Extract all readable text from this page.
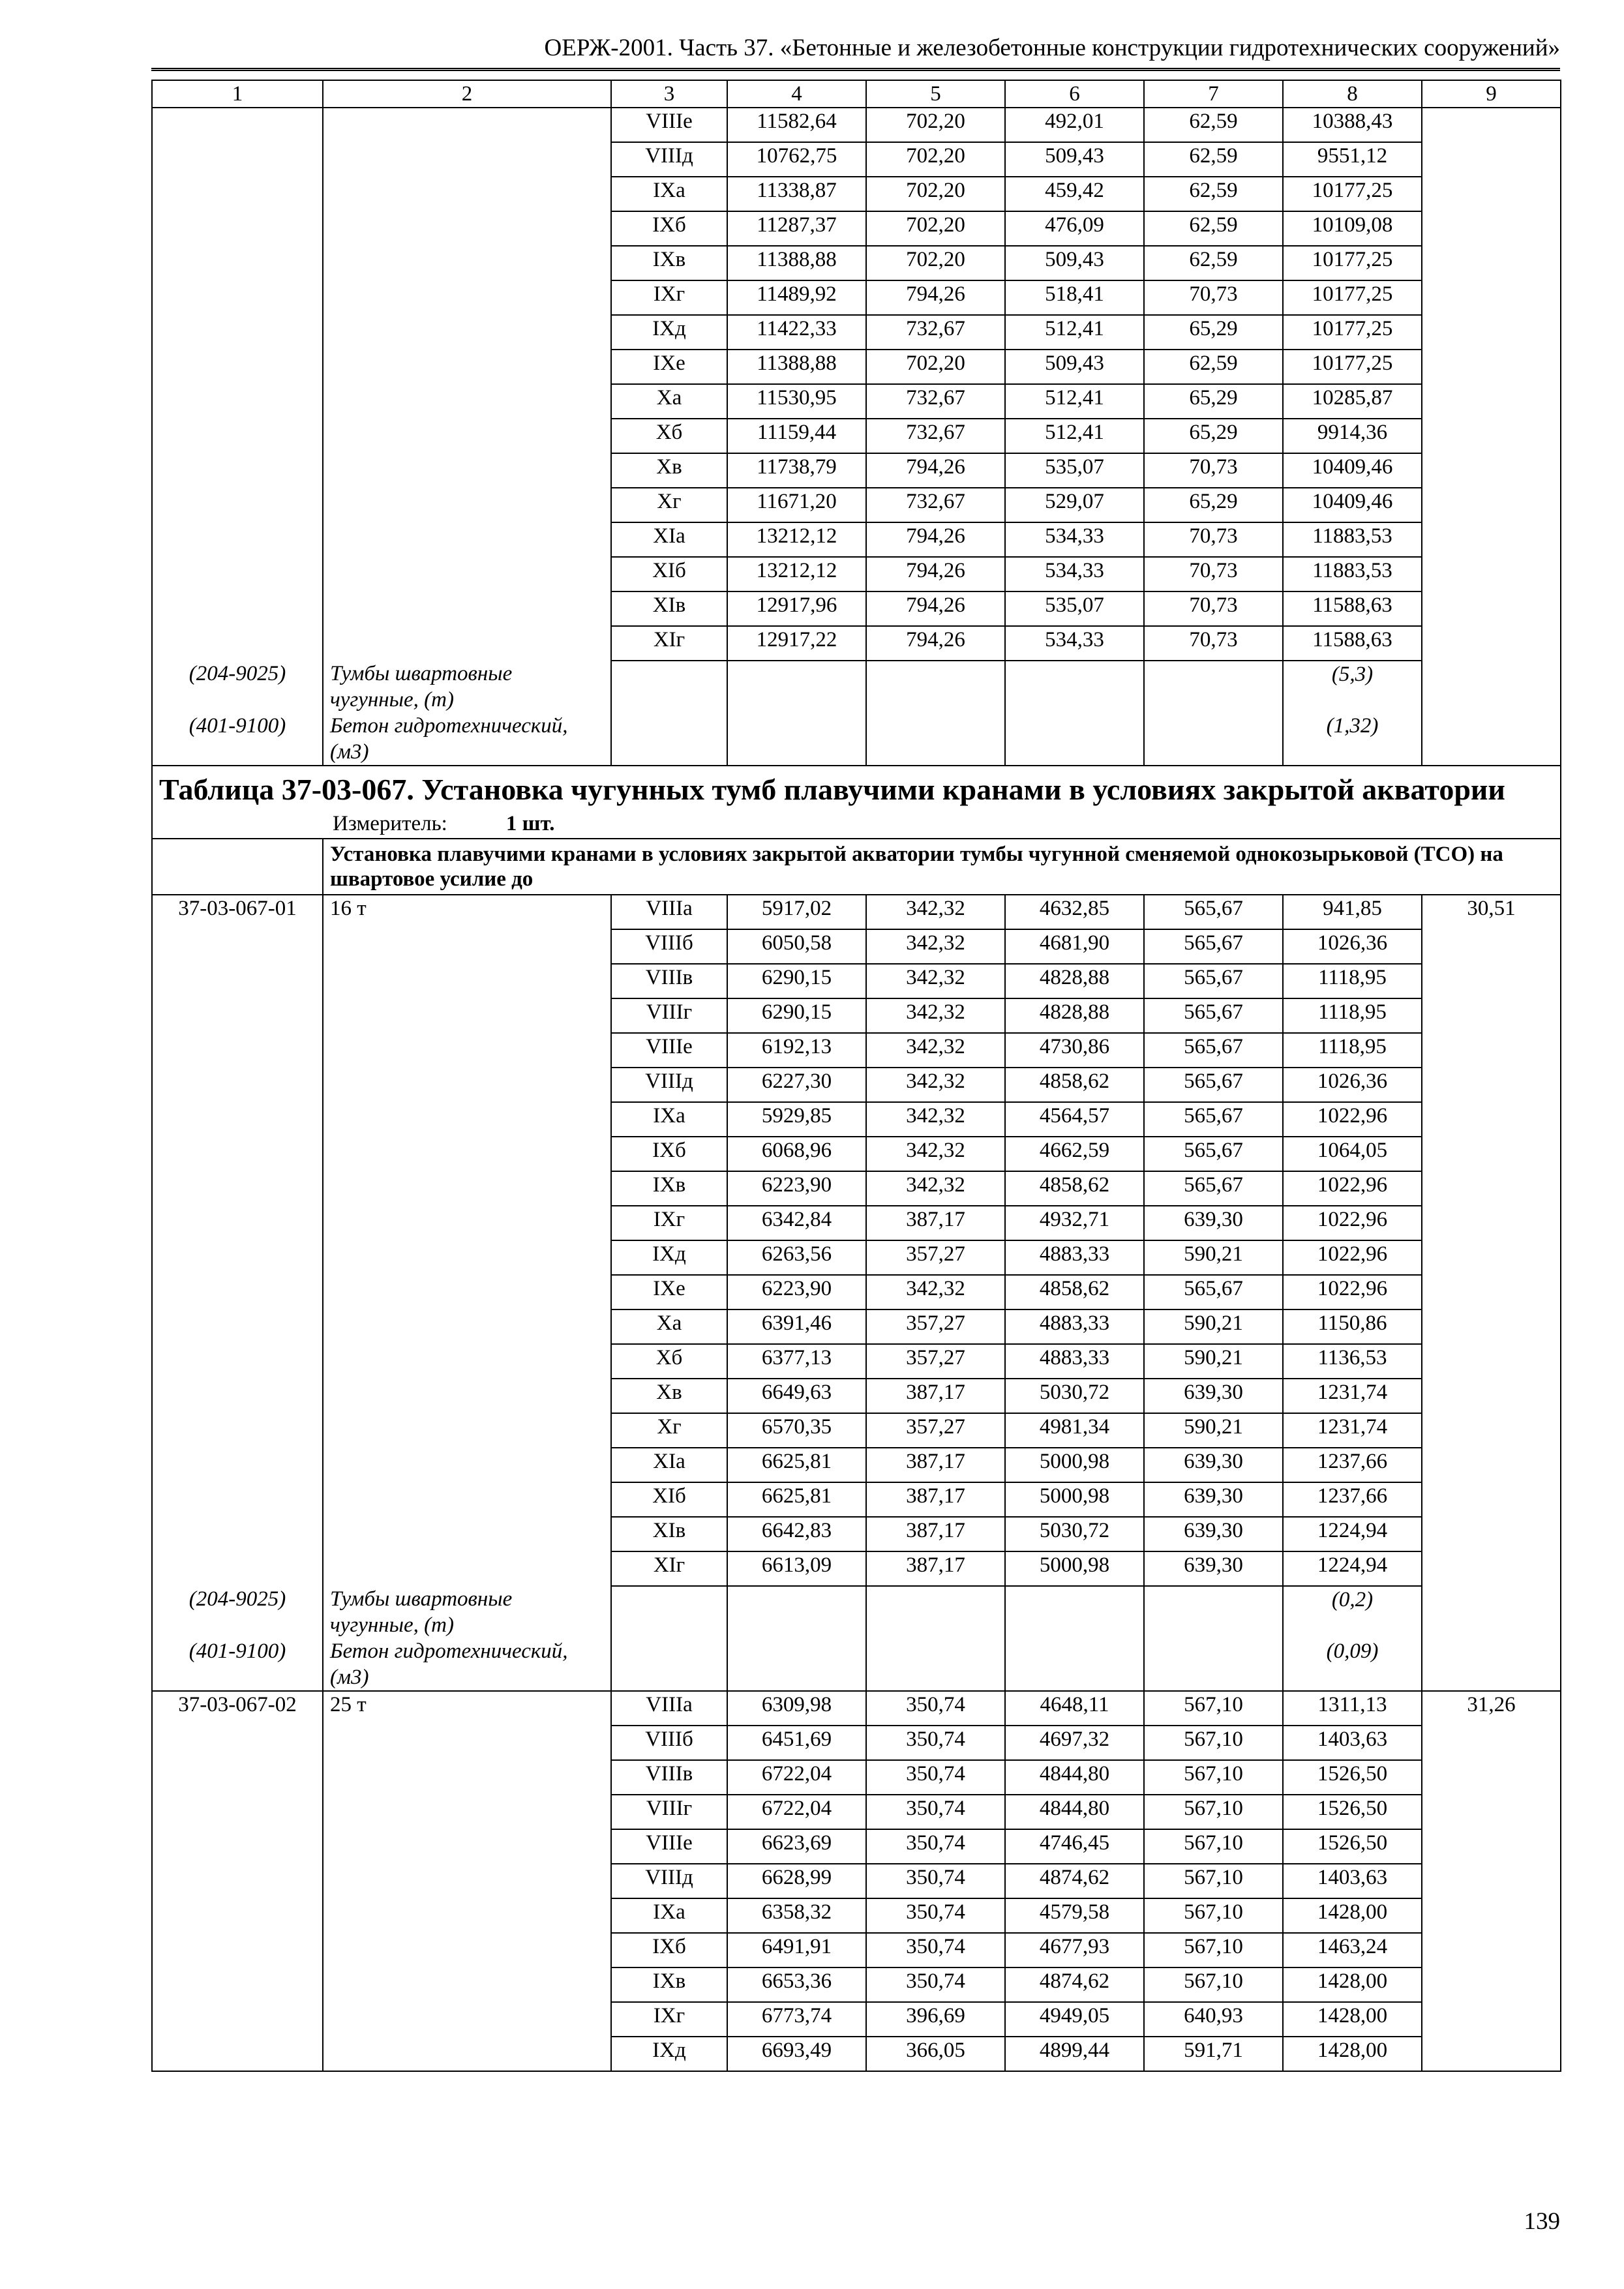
ОЕРЖ-2001. Часть 37. «Бетонные и железобетонные конструкции гидротехнических сооружений»
1	2	3	4	5	6	7	8	9
		VIIIе	11582,64	702,20	492,01	62,59	10388,43	
		VIIIд	10762,75	702,20	509,43	62,59	9551,12	
		IXа	11338,87	702,20	459,42	62,59	10177,25	
		IXб	11287,37	702,20	476,09	62,59	10109,08	
		IXв	11388,88	702,20	509,43	62,59	10177,25	
		IXг	11489,92	794,26	518,41	70,73	10177,25	
		IXд	11422,33	732,67	512,41	65,29	10177,25	
		IXе	11388,88	702,20	509,43	62,59	10177,25	
		Xа	11530,95	732,67	512,41	65,29	10285,87	
		Xб	11159,44	732,67	512,41	65,29	9914,36	
		Xв	11738,79	794,26	535,07	70,73	10409,46	
		Xг	11671,20	732,67	529,07	65,29	10409,46	
		XIа	13212,12	794,26	534,33	70,73	11883,53	
		XIб	13212,12	794,26	534,33	70,73	11883,53	
		XIв	12917,96	794,26	535,07	70,73	11588,63	
		XIг	12917,22	794,26	534,33	70,73	11588,63	
(204-9025)	Тумбы швартовные чугунные, (т)						(5,3)	
(401-9100)	Бетон гидротехнический, (м3)						(1,32)	

Таблица 37-03-067. Установка чугунных тумб плавучими кранами в условиях закрытой акватории
Измеритель: 1 шт.								

	Установка плавучими кранами в условиях закрытой акватории тумбы чугунной сменяемой однокозырьковой (ТСО) на швартовое усилие до							

37-03-067-01	16 т	VIIIа	5917,02	342,32	4632,85	565,67	941,85	30,51
		VIIIб	6050,58	342,32	4681,90	565,67	1026,36	
		VIIIв	6290,15	342,32	4828,88	565,67	1118,95	
		VIIIг	6290,15	342,32	4828,88	565,67	1118,95	
		VIIIе	6192,13	342,32	4730,86	565,67	1118,95	
		VIIIд	6227,30	342,32	4858,62	565,67	1026,36	
		IXа	5929,85	342,32	4564,57	565,67	1022,96	
		IXб	6068,96	342,32	4662,59	565,67	1064,05	
		IXв	6223,90	342,32	4858,62	565,67	1022,96	
		IXг	6342,84	387,17	4932,71	639,30	1022,96	
		IXд	6263,56	357,27	4883,33	590,21	1022,96	
		IXе	6223,90	342,32	4858,62	565,67	1022,96	
		Xа	6391,46	357,27	4883,33	590,21	1150,86	
		Xб	6377,13	357,27	4883,33	590,21	1136,53	
		Xв	6649,63	387,17	5030,72	639,30	1231,74	
		Xг	6570,35	357,27	4981,34	590,21	1231,74	
		XIа	6625,81	387,17	5000,98	639,30	1237,66	
		XIб	6625,81	387,17	5000,98	639,30	1237,66	
		XIв	6642,83	387,17	5030,72	639,30	1224,94	
		XIг	6613,09	387,17	5000,98	639,30	1224,94	
(204-9025)	Тумбы швартовные чугунные, (т)						(0,2)	
(401-9100)	Бетон гидротехнический, (м3)						(0,09)	
37-03-067-02	25 т	VIIIа	6309,98	350,74	4648,11	567,10	1311,13	31,26
		VIIIб	6451,69	350,74	4697,32	567,10	1403,63	
		VIIIв	6722,04	350,74	4844,80	567,10	1526,50	
		VIIIг	6722,04	350,74	4844,80	567,10	1526,50	
		VIIIе	6623,69	350,74	4746,45	567,10	1526,50	
		VIIIд	6628,99	350,74	4874,62	567,10	1403,63	
		IXа	6358,32	350,74	4579,58	567,10	1428,00	
		IXб	6491,91	350,74	4677,93	567,10	1463,24	
		IXв	6653,36	350,74	4874,62	567,10	1428,00	
		IXг	6773,74	396,69	4949,05	640,93	1428,00	
		IXд	6693,49	366,05	4899,44	591,71	1428,00	
139
